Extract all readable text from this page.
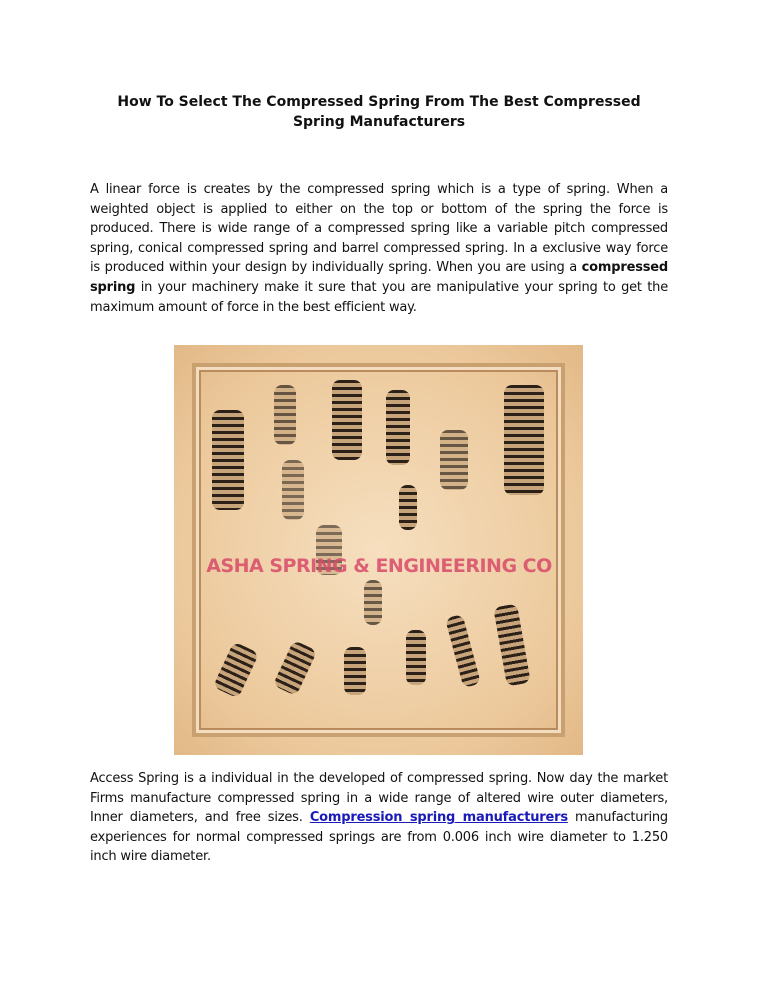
How To Select The Compressed Spring From The Best Compressed Spring Manufacturers

A linear force is creates by the compressed spring which is a type of spring. When a weighted object is applied to either on the top or bottom of the spring the force is produced. There is wide range of a compressed spring like a variable pitch compressed spring, conical compressed spring and barrel compressed spring. In a exclusive way force is produced within your design by individually spring. When you are using a compressed spring in your machinery make it sure that you are manipulative your spring to get the maximum amount of force in the best efficient way.

ASHA SPRING & ENGINEERING CO

Access Spring is a individual in the developed of compressed spring. Now day the market Firms manufacture compressed spring in a wide range of altered wire outer diameters, Inner diameters, and free sizes. Compression spring manufacturers manufacturing experiences for normal compressed springs are from 0.006 inch wire diameter to 1.250 inch wire diameter.
